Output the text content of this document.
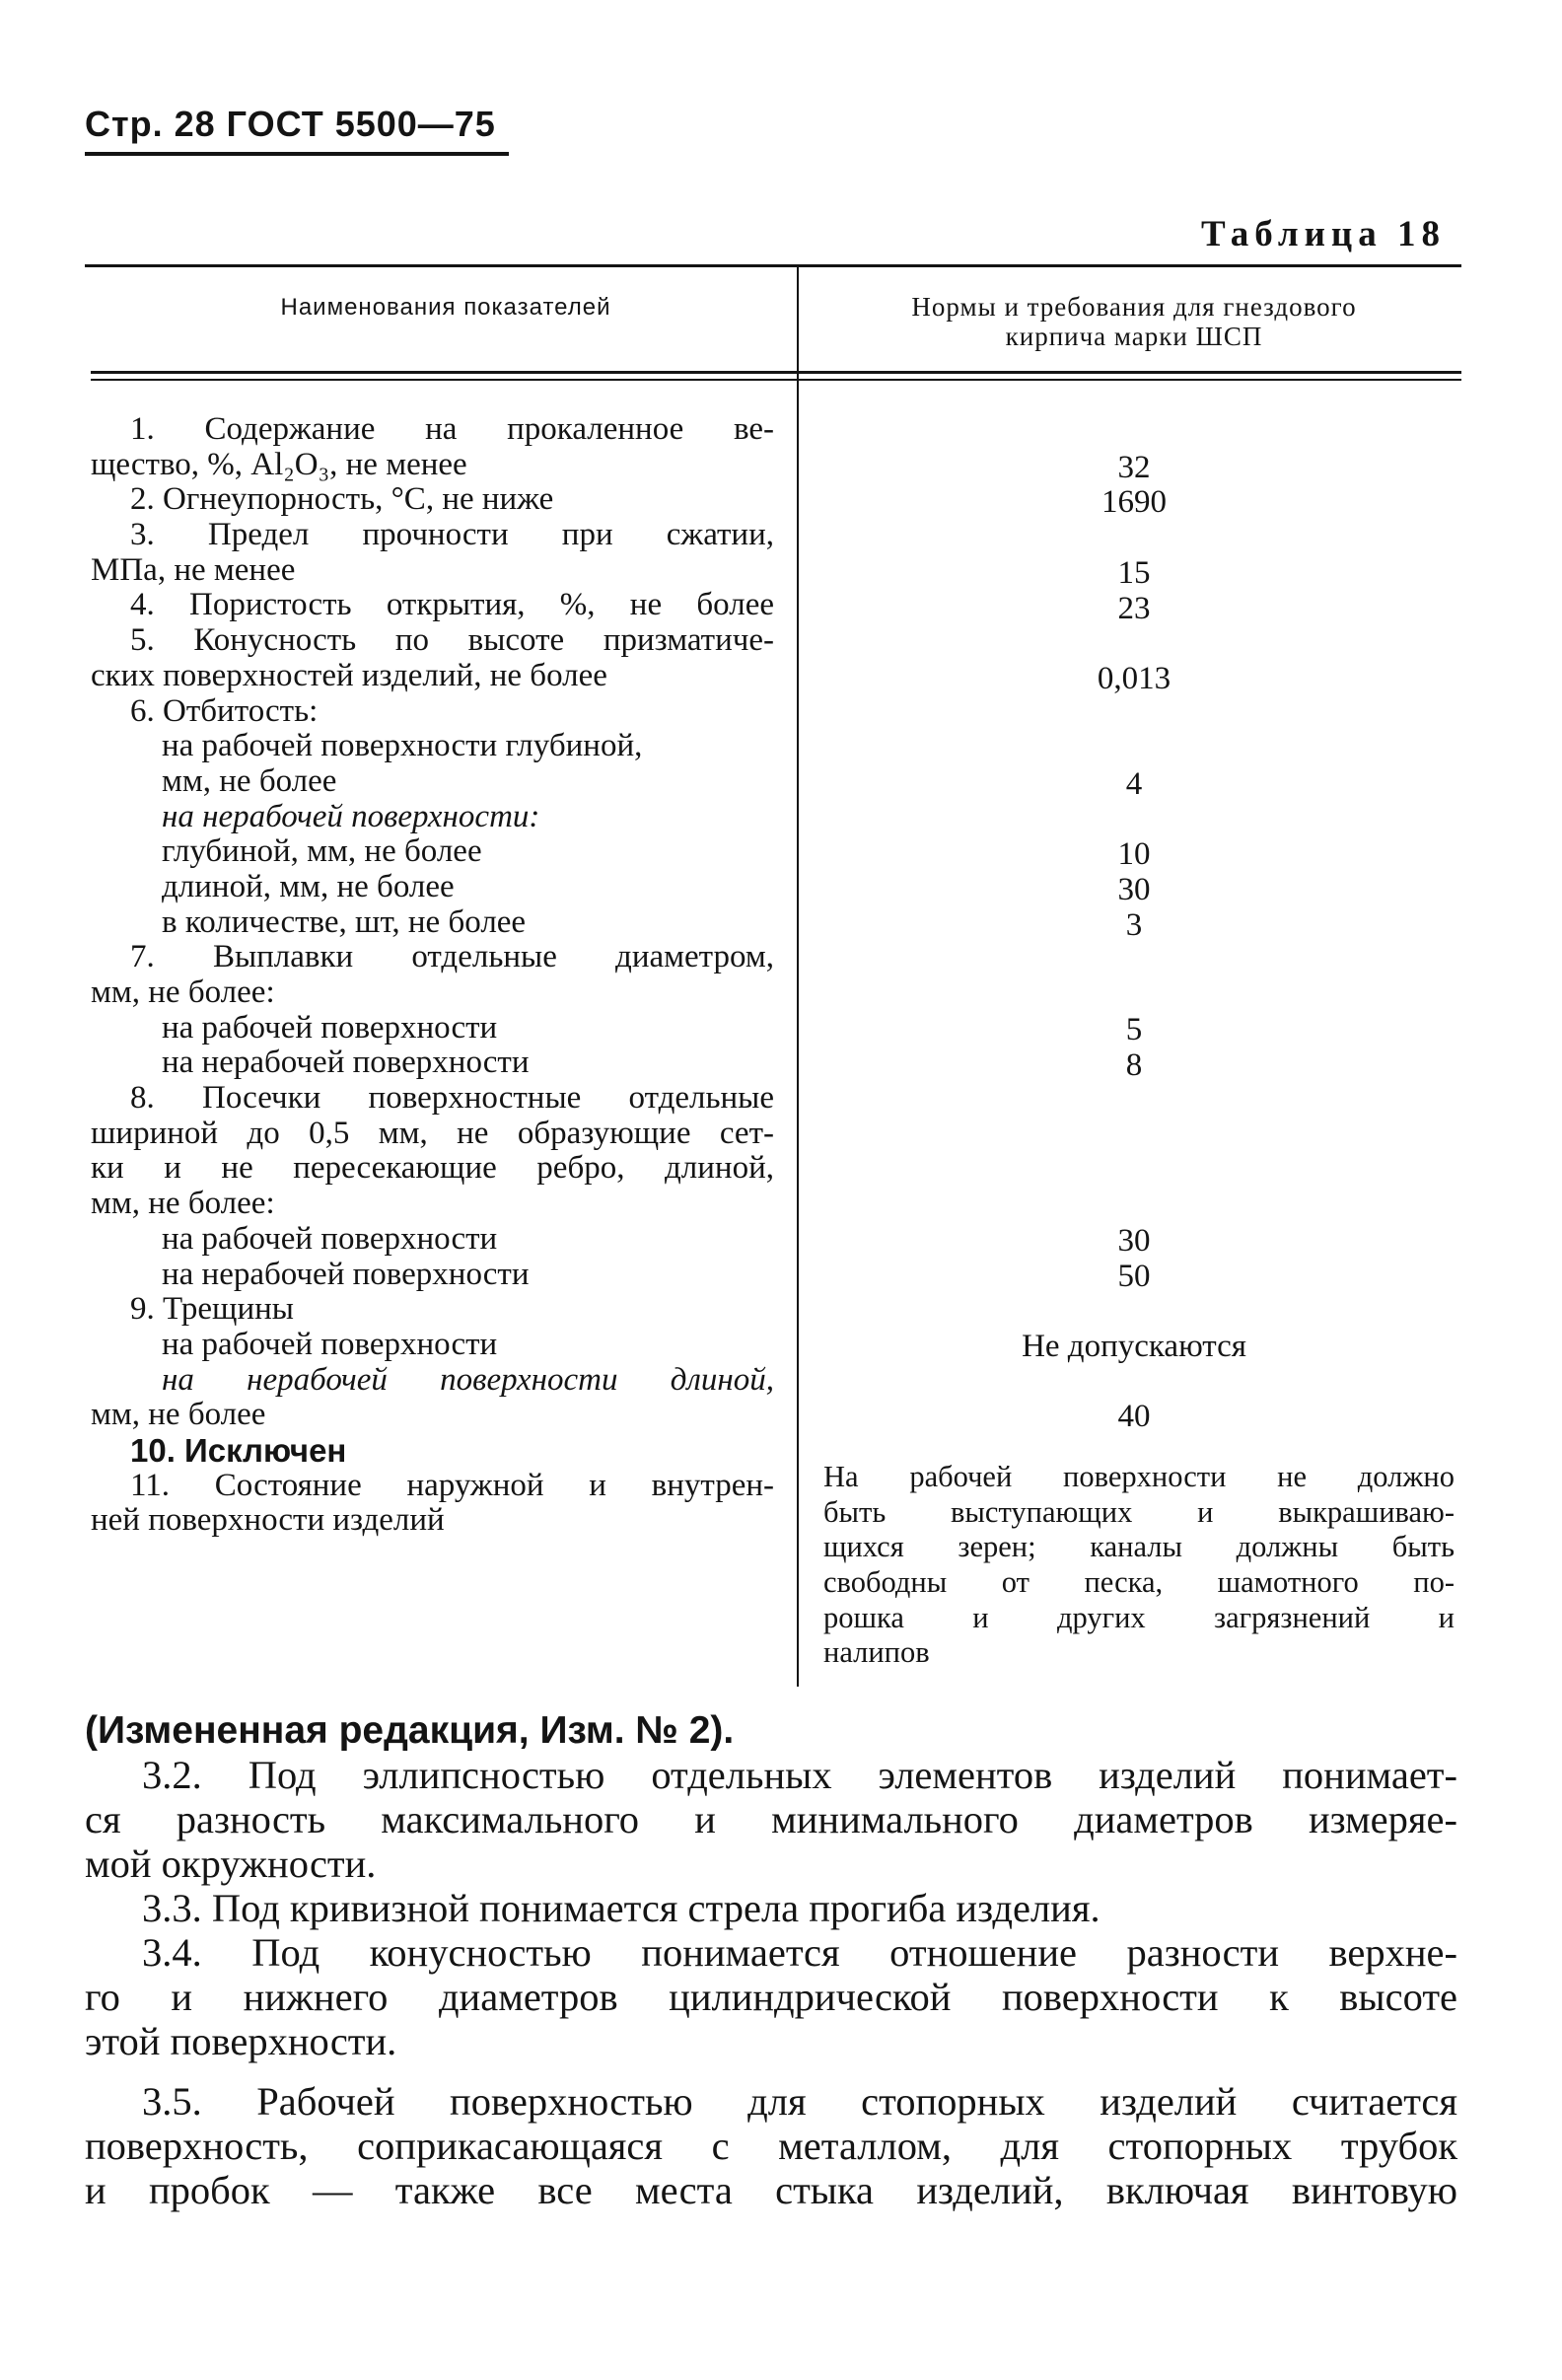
Стр. 28 ГОСТ 5500—75
Таблица 18
Наименования показателей	Нормы и требования для гнездового
кирпича марки ШСП
1. Содержание на прокаленное ве-
щество, %, Al₂O₃, не менее
2. Огнеупорность, °С, не ниже
3. Предел прочности при сжатии,
МПа, не менее
4. Пористость открытия, %, не более
5. Конусность по высоте призматиче-
ских поверхностей изделий, не более
6. Отбитость:
на рабочей поверхности глубиной,
мм, не более
на нерабочей поверхности:
глубиной, мм, не более
длиной, мм, не более
в количестве, шт, не более
7. Выплавки отдельные диаметром,
мм, не более:
на рабочей поверхности
на нерабочей поверхности
8. Посечки поверхностные отдельные
шириной до 0,5 мм, не образующие сет-
ки и не пересекающие ребро, длиной,
мм, не более:
на рабочей поверхности
на нерабочей поверхности
9. Трещины
на рабочей поверхности
на нерабочей поверхности длиной,
мм, не более
10. Исключен
11. Состояние наружной и внутрен-
ней поверхности изделий
32
1690
15
23
0,013
4
10
30
3
5
8
30
50
Не допускаются
40
На рабочей поверхности не должно
быть выступающих и выкрашиваю-
щихся зерен; каналы должны быть
свободны от песка, шамотного по-
рошка и других загрязнений и
налипов
(Измененная редакция, Изм. № 2).
3.2. Под эллипсностью отдельных элементов изделий понимает-
ся разность максимального и минимального диаметров измеряе-
мой окружности.
3.3. Под кривизной понимается стрела прогиба изделия.
3.4. Под конусностью понимается отношение разности верхне-
го и нижнего диаметров цилиндрической поверхности к высоте
этой поверхности.
3.5. Рабочей поверхностью для стопорных изделий считается
поверхность, соприкасающаяся с металлом, для стопорных трубок
и пробок — также все места стыка изделий, включая винтовую
